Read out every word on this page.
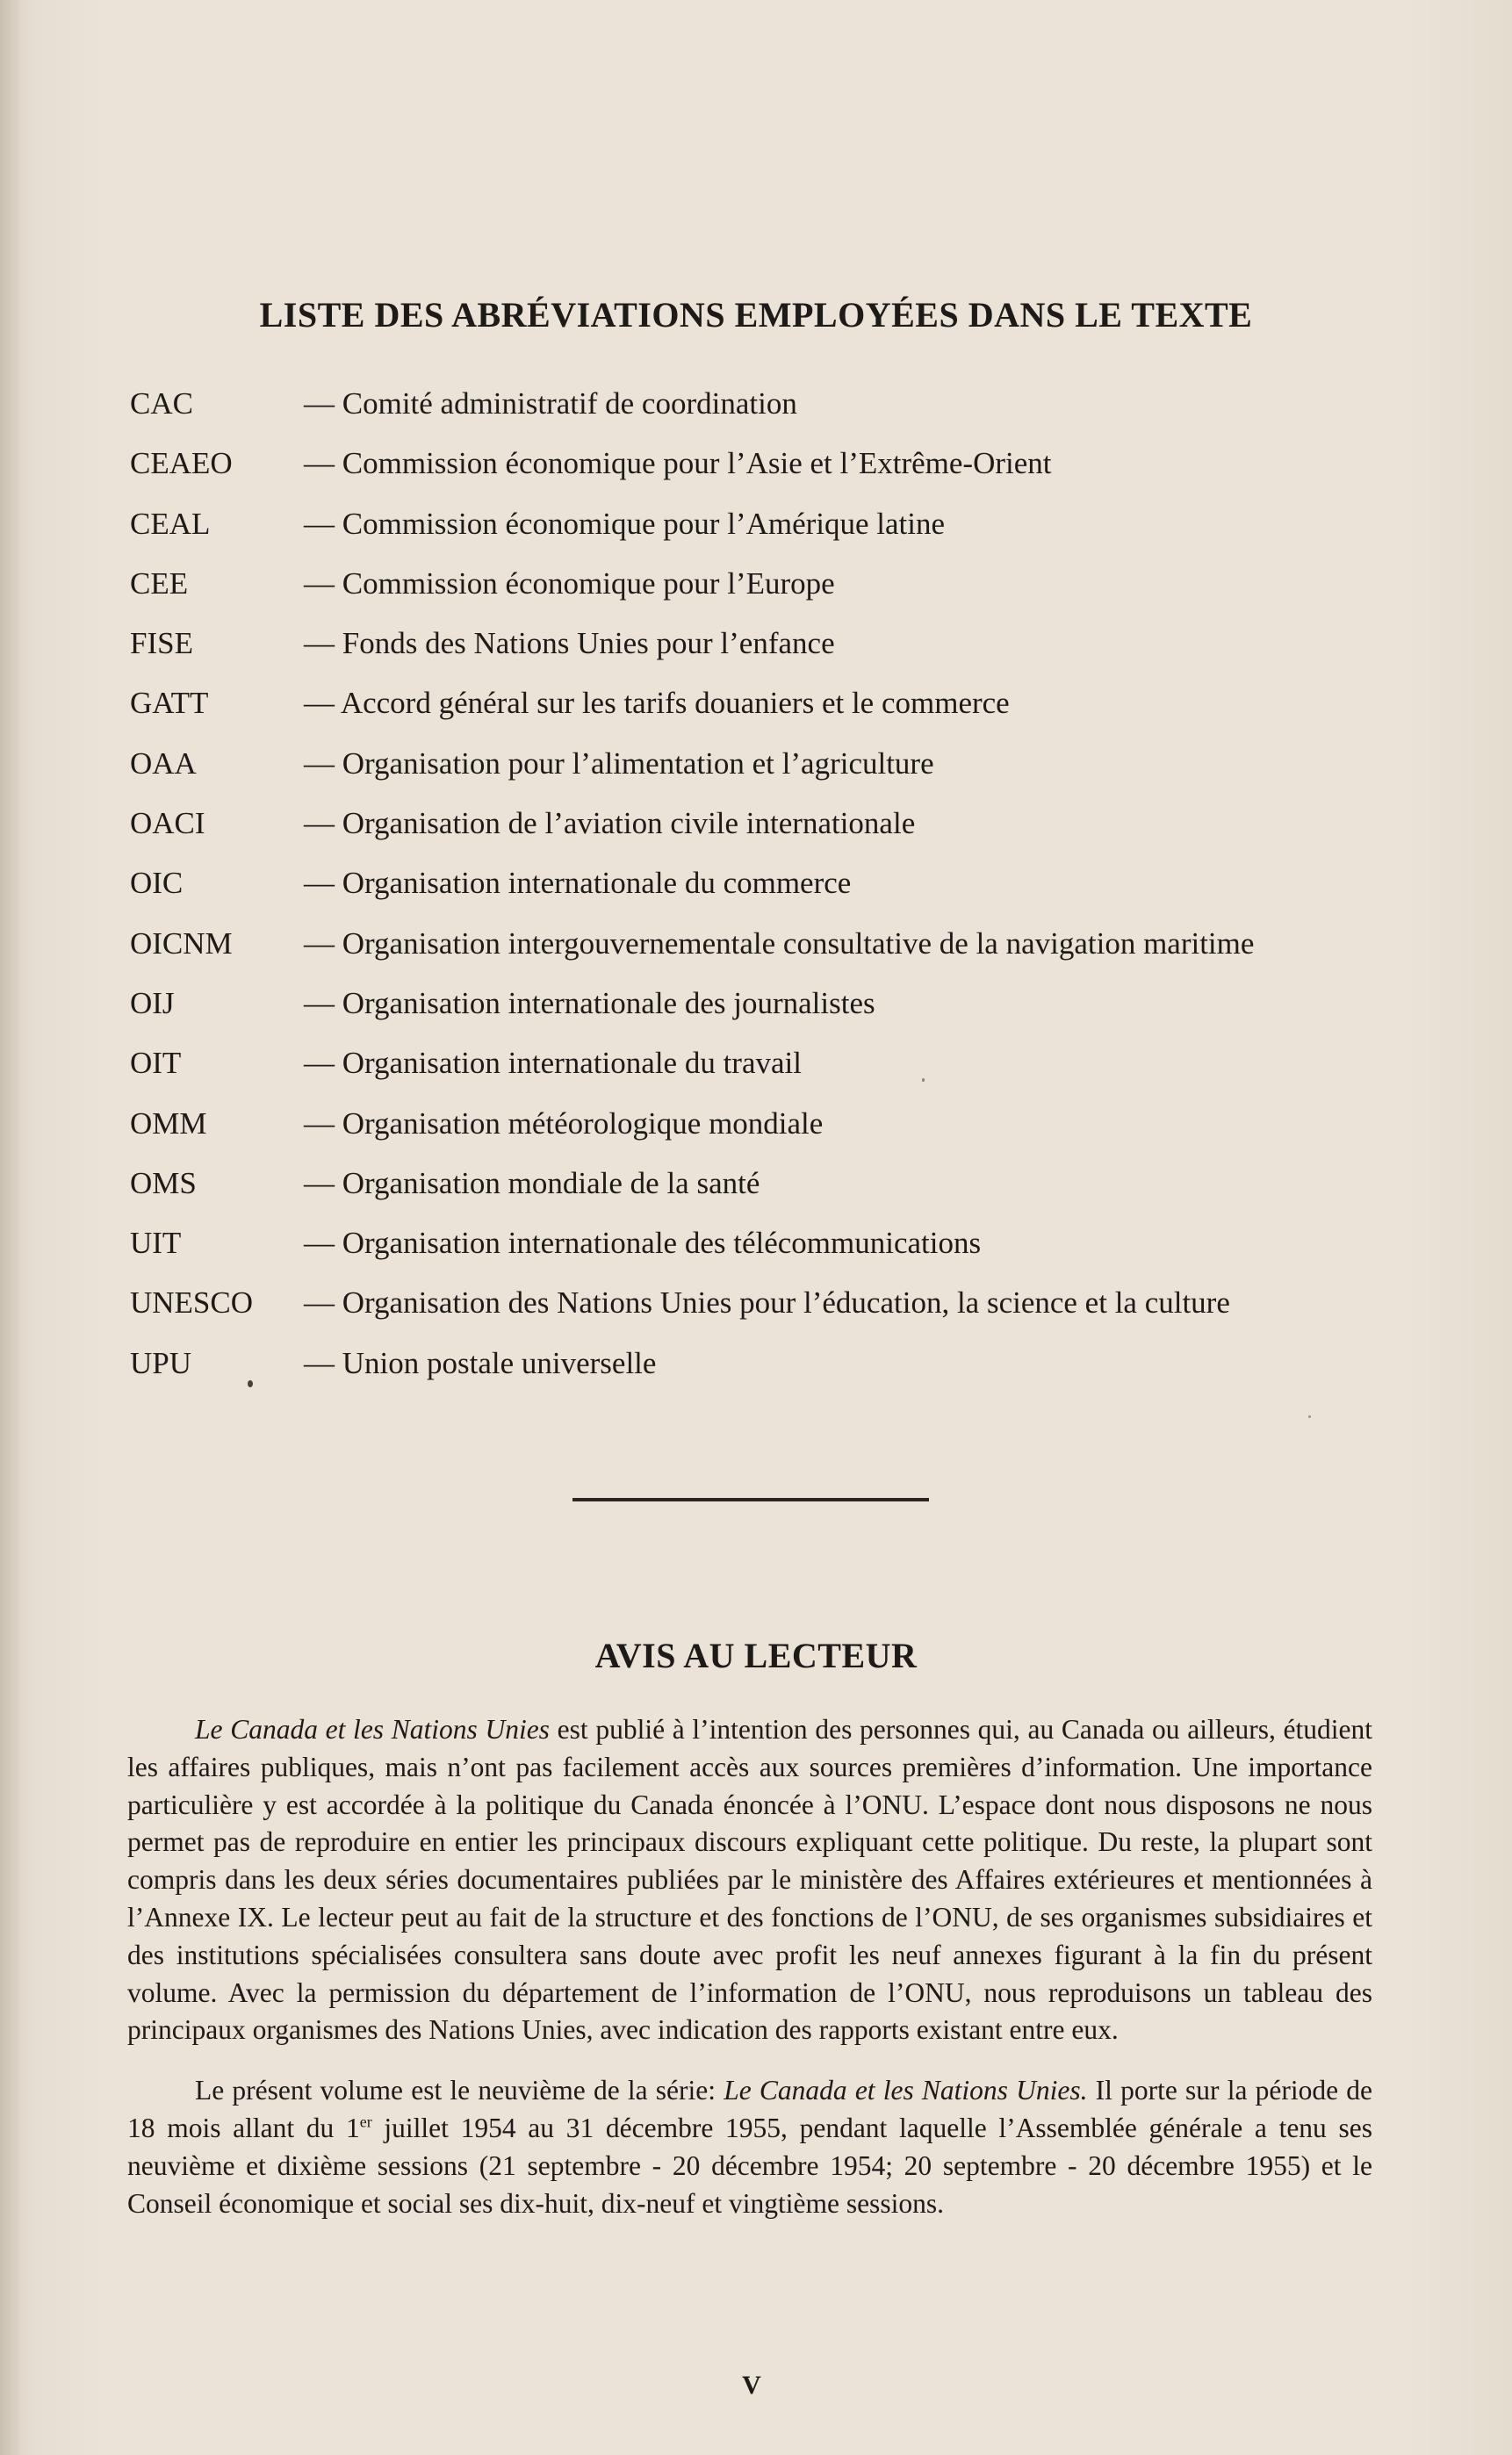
LISTE DES ABRÉVIATIONS EMPLOYÉES DANS LE TEXTE
CAC	— Comité administratif de coordination
CEAEO	— Commission économique pour l’Asie et l’Extrême-Orient
CEAL	— Commission économique pour l’Amérique latine
CEE	— Commission économique pour l’Europe
FISE	— Fonds des Nations Unies pour l’enfance
GATT	— Accord général sur les tarifs douaniers et le commerce
OAA	— Organisation pour l’alimentation et l’agriculture
OACI	— Organisation de l’aviation civile internationale
OIC	— Organisation internationale du commerce
OICNM	— Organisation intergouvernementale consultative de la navigation maritime
OIJ	— Organisation internationale des journalistes
OIT	— Organisation internationale du travail
OMM	— Organisation météorologique mondiale
OMS	— Organisation mondiale de la santé
UIT	— Organisation internationale des télécommunications
UNESCO	— Organisation des Nations Unies pour l’éducation, la science et la culture
UPU	— Union postale universelle
AVIS AU LECTEUR

Le Canada et les Nations Unies est publié à l’intention des personnes qui, au Canada ou ailleurs, étudient les affaires publiques, mais n’ont pas facilement accès aux sources premières d’information. Une importance particulière y est accordée à la politique du Canada énoncée à l’ONU. L’espace dont nous disposons ne nous permet pas de reproduire en entier les principaux discours expliquant cette politique. Du reste, la plupart sont compris dans les deux séries documentaires publiées par le ministère des Affaires extérieures et mentionnées à l’Annexe IX. Le lecteur peut au fait de la structure et des fonctions de l’ONU, de ses organismes subsidiaires et des institutions spécialisées consultera sans doute avec profit les neuf annexes figurant à la fin du présent volume. Avec la permission du département de l’information de l’ONU, nous reproduisons un tableau des principaux organismes des Nations Unies, avec indication des rapports existant entre eux.

Le présent volume est le neuvième de la série: Le Canada et les Nations Unies. Il porte sur la période de 18 mois allant du 1er juillet 1954 au 31 décembre 1955, pendant laquelle l’Assemblée générale a tenu ses neuvième et dixième sessions (21 septembre - 20 décembre 1954; 20 septembre - 20 décembre 1955) et le Conseil économique et social ses dix-huit, dix-neuf et vingtième sessions.

V
